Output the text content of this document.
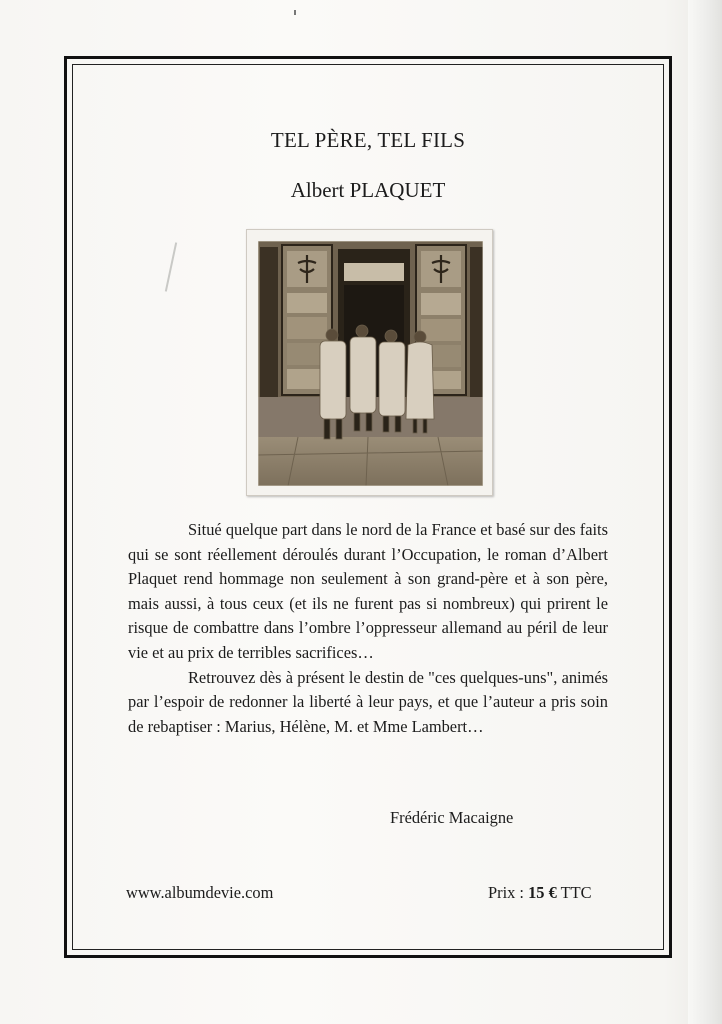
TEL PÈRE, TEL FILS
Albert PLAQUET

Situé quelque part dans le nord de la France et basé sur des faits qui se sont réellement déroulés durant l’Occupation, le roman d’Albert Plaquet rend hommage non seulement à son grand-père et à son père, mais aussi, à tous ceux (et ils ne furent pas si nombreux) qui prirent le risque de combattre dans l’ombre l’oppresseur allemand au péril de leur vie et au prix de terribles sacrifices…

Retrouvez dès à présent le destin de "ces quelques-uns", animés par l’espoir de redonner la liberté à leur pays, et que l’auteur a pris soin de rebaptiser : Marius, Hélène, M. et Mme Lambert…

Frédéric Macaigne
www.albumdevie.com	Prix : 15 € TTC
